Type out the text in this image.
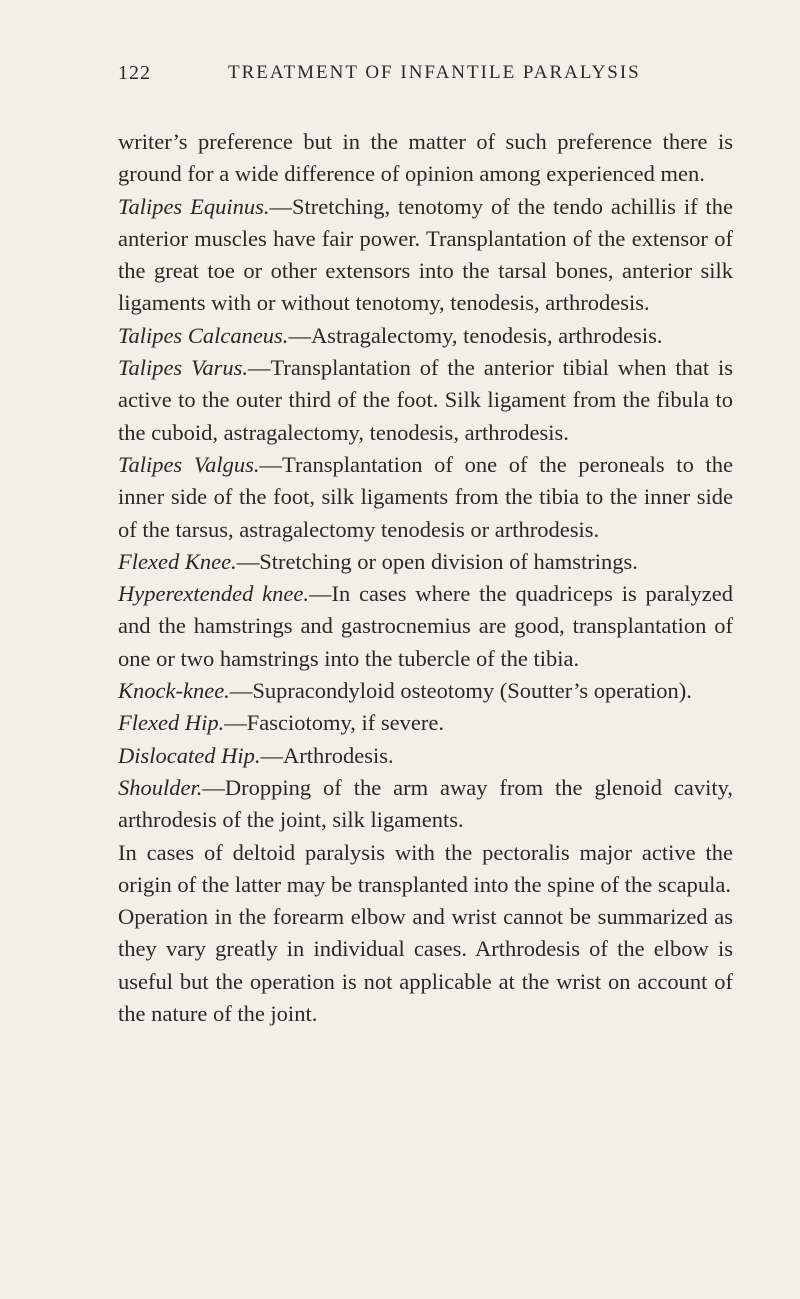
122	TREATMENT OF INFANTILE PARALYSIS

writer’s preference but in the matter of such preference there is ground for a wide difference of opinion among experienced men.

Talipes Equinus.—Stretching, tenotomy of the tendo achillis if the anterior muscles have fair power. Transplantation of the extensor of the great toe or other extensors into the tarsal bones, anterior silk ligaments with or without tenotomy, tenodesis, arthrodesis.

Talipes Calcaneus.—Astragalectomy, tenodesis, arthrodesis.

Talipes Varus.—Transplantation of the anterior tibial when that is active to the outer third of the foot. Silk ligament from the fibula to the cuboid, astragalectomy, tenodesis, arthrodesis.

Talipes Valgus.—Transplantation of one of the peroneals to the inner side of the foot, silk ligaments from the tibia to the inner side of the tarsus, astragalectomy tenodesis or arthrodesis.

Flexed Knee.—Stretching or open division of hamstrings.

Hyperextended knee.—In cases where the quadriceps is paralyzed and the hamstrings and gastrocnemius are good, transplantation of one or two hamstrings into the tubercle of the tibia.

Knock-knee.—Supracondyloid osteotomy (Soutter’s operation).

Flexed Hip.—Fasciotomy, if severe.

Dislocated Hip.—Arthrodesis.

Shoulder.—Dropping of the arm away from the glenoid cavity, arthrodesis of the joint, silk ligaments.

In cases of deltoid paralysis with the pectoralis major active the origin of the latter may be transplanted into the spine of the scapula.

Operation in the forearm elbow and wrist cannot be summarized as they vary greatly in individual cases. Arthrodesis of the elbow is useful but the operation is not applicable at the wrist on account of the nature of the joint.
